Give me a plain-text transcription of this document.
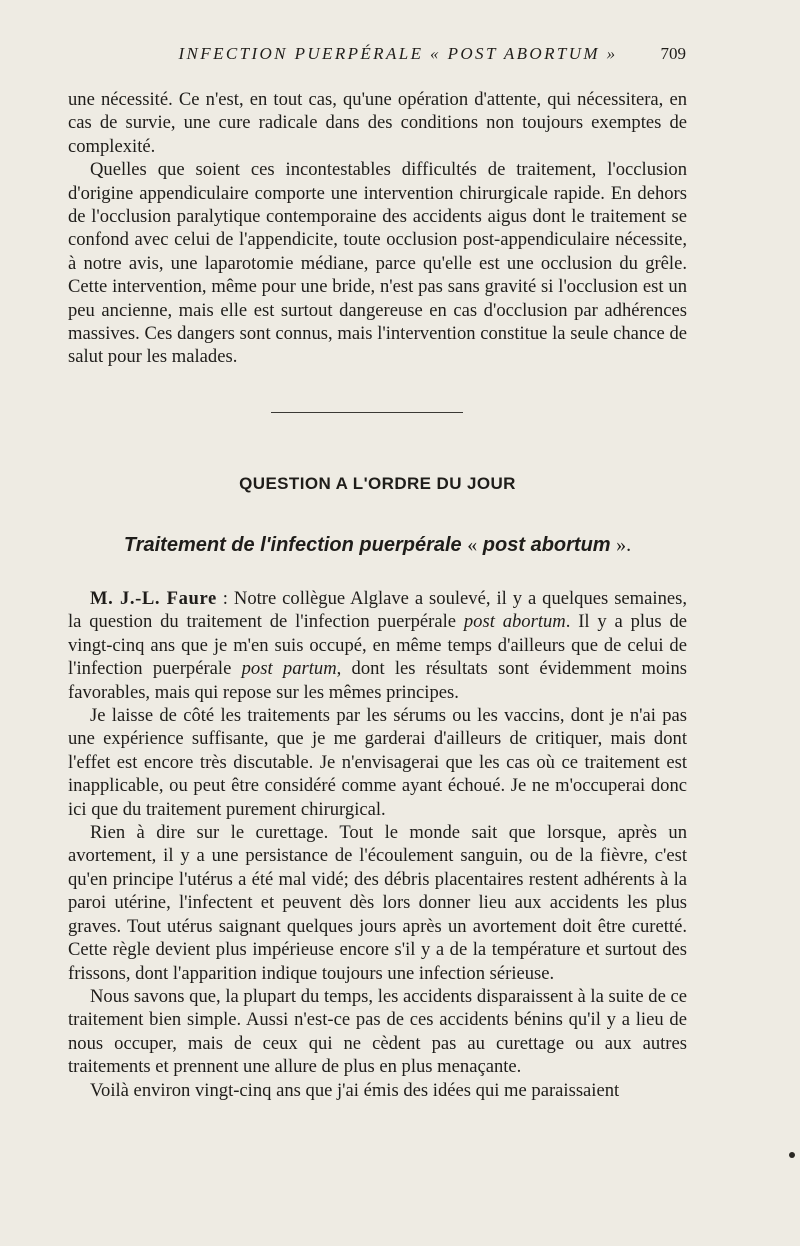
INFECTION PUERPÉRALE « POST ABORTUM »	709

une nécessité. Ce n'est, en tout cas, qu'une opération d'attente, qui nécessitera, en cas de survie, une cure radicale dans des conditions non toujours exemptes de complexité.

Quelles que soient ces incontestables difficultés de traitement, l'occlusion d'origine appendiculaire comporte une intervention chirurgicale rapide. En dehors de l'occlusion paralytique contemporaine des accidents aigus dont le traitement se confond avec celui de l'appendicite, toute occlusion post-appendiculaire nécessite, à notre avis, une laparotomie médiane, parce qu'elle est une occlusion du grêle. Cette intervention, même pour une bride, n'est pas sans gravité si l'occlusion est un peu ancienne, mais elle est surtout dangereuse en cas d'occlusion par adhérences massives. Ces dangers sont connus, mais l'intervention constitue la seule chance de salut pour les malades.

QUESTION A L'ORDRE DU JOUR
Traitement de l'infection puerpérale « post abortum ».

M. J.-L. Faure : Notre collègue Alglave a soulevé, il y a quelques semaines, la question du traitement de l'infection puerpérale post abortum. Il y a plus de vingt-cinq ans que je m'en suis occupé, en même temps d'ailleurs que de celui de l'infection puerpérale post partum, dont les résultats sont évidemment moins favorables, mais qui repose sur les mêmes principes.

Je laisse de côté les traitements par les sérums ou les vaccins, dont je n'ai pas une expérience suffisante, que je me garderai d'ailleurs de critiquer, mais dont l'effet est encore très discutable. Je n'envisagerai que les cas où ce traitement est inapplicable, ou peut être considéré comme ayant échoué. Je ne m'occuperai donc ici que du traitement purement chirurgical.

Rien à dire sur le curettage. Tout le monde sait que lorsque, après un avortement, il y a une persistance de l'écoulement sanguin, ou de la fièvre, c'est qu'en principe l'utérus a été mal vidé; des débris placentaires restent adhérents à la paroi utérine, l'infectent et peuvent dès lors donner lieu aux accidents les plus graves. Tout utérus saignant quelques jours après un avortement doit être curetté. Cette règle devient plus impérieuse encore s'il y a de la température et surtout des frissons, dont l'apparition indique toujours une infection sérieuse.

Nous savons que, la plupart du temps, les accidents disparaissent à la suite de ce traitement bien simple. Aussi n'est-ce pas de ces accidents bénins qu'il y a lieu de nous occuper, mais de ceux qui ne cèdent pas au curettage ou aux autres traitements et prennent une allure de plus en plus menaçante.

Voilà environ vingt-cinq ans que j'ai émis des idées qui me paraissaient
